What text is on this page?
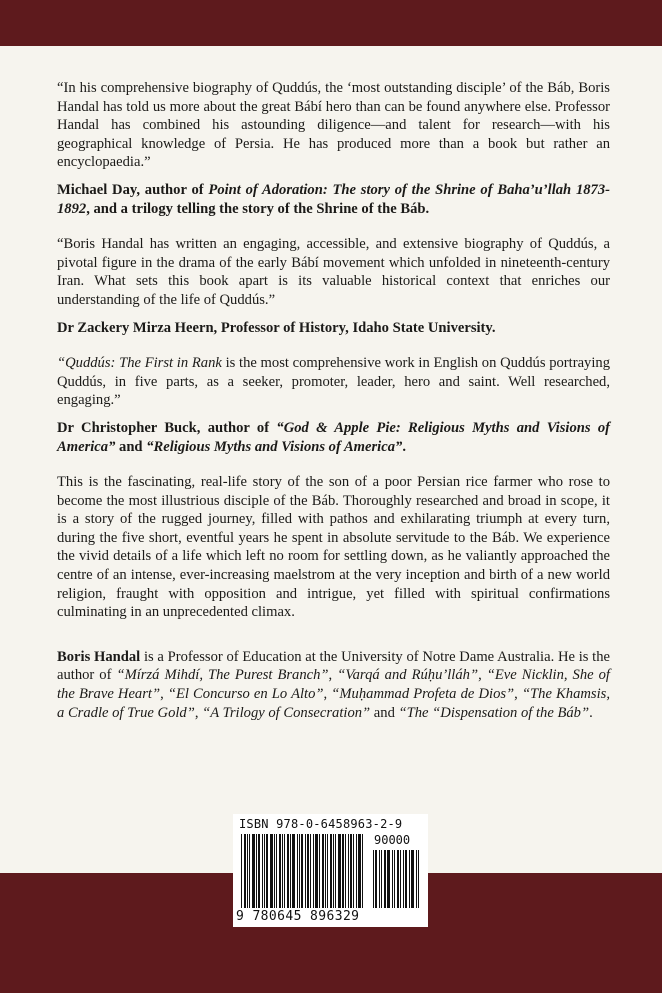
“In his comprehensive biography of Quddús, the ‘most outstanding disciple’ of the Báb, Boris Handal has told us more about the great Bábí hero than can be found anywhere else. Professor Handal has combined his astounding diligence—and talent for research—with his geographical knowledge of Persia. He has produced more than a book but rather an encyclopaedia.”

Michael Day, author of Point of Adoration: The story of the Shrine of Baha’u’llah 1873-1892, and a trilogy telling the story of the Shrine of the Báb.

“Boris Handal has written an engaging, accessible, and extensive biography of Quddús, a pivotal figure in the drama of the early Bábí movement which unfolded in nineteenth-century Iran. What sets this book apart is its valuable historical context that enriches our understanding of the life of Quddús.”

Dr Zackery Mirza Heern, Professor of History, Idaho State University.

“Quddús: The First in Rank is the most comprehensive work in English on Quddús portraying Quddús, in five parts, as a seeker, promoter, leader, hero and saint. Well researched, engaging.”

Dr Christopher Buck, author of “God & Apple Pie: Religious Myths and Visions of America” and “Religious Myths and Visions of America”.

This is the fascinating, real-life story of the son of a poor Persian rice farmer who rose to become the most illustrious disciple of the Báb. Thoroughly researched and broad in scope, it is a story of the rugged journey, filled with pathos and exhilarating triumph at every turn, during the five short, eventful years he spent in absolute servitude to the Báb. We experience the vivid details of a life which left no room for settling down, as he valiantly approached the centre of an intense, ever-increasing maelstrom at the very inception and birth of a new world religion, fraught with opposition and intrigue, yet filled with spiritual confirmations culminating in an unprecedented climax.

Boris Handal is a Professor of Education at the University of Notre Dame Australia. He is the author of “Mírzá Mihdí, The Purest Branch”, “Varqá and Rúḥu’lláh”, “Eve Nicklin, She of the Brave Heart”, “El Concurso en Lo Alto”, “Muḥammad Profeta de Dios”, “The Khamsis, a Cradle of True Gold”, “A Trilogy of Consecration” and “The “Dispensation of the Báb”.

ISBN 978-0-6458963-2-9
90000
9 780645 896329
